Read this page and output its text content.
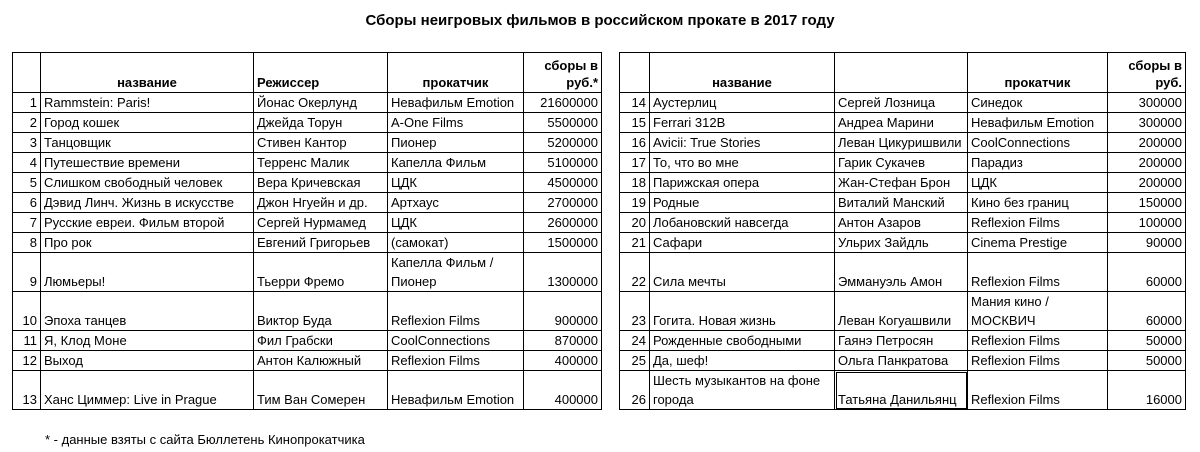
Сборы неигровых фильмов в российском прокате в 2017 году
	название	Режиссер	прокатчик	сборы в руб.*
1	Rammstein: Paris!	Йонас Окерлунд	Невафильм Emotion	21600000
2	Город кошек	Джейда Торун	A-One Films	5500000
3	Танцовщик	Стивен Кантор	Пионер	5200000
4	Путешествие времени	Терренс Малик	Капелла Фильм	5100000
5	Слишком свободный человек	Вера Кричевская	ЦДК	4500000
6	Дэвид Линч. Жизнь в искусстве	Джон Нгуейн и др.	Артхаус	2700000
7	Русские евреи. Фильм второй	Сергей Нурмамед	ЦДК	2600000
8	Про рок	Евгений Григорьев	(самокат)	1500000
9	Люмьеры!	Тьерри Фремо	Капелла Фильм / Пионер	1300000
10	Эпоха танцев	Виктор Буда	Reflexion Films	900000
11	Я, Клод Моне	Фил Грабски	CoolConnections	870000
12	Выход	Антон Калюжный	Reflexion Films	400000
13	Ханс Циммер: Live in Prague	Тим Ван Сомерен	Невафильм Emotion	400000
	название		прокатчик	сборы в руб.
14	Аустерлиц	Сергей Лозница	Синедок	300000
15	Ferrari 312B	Андреа Марини	Невафильм Emotion	300000
16	Avicii: True Stories	Леван Цикуришвили	CoolConnections	200000
17	То, что во мне	Гарик Сукачев	Парадиз	200000
18	Парижская опера	Жан-Стефан Брон	ЦДК	200000
19	Родные	Виталий Манский	Кино без границ	150000
20	Лобановский навсегда	Антон Азаров	Reflexion Films	100000
21	Сафари	Ульрих Зайдль	Cinema Prestige	90000
22	Сила мечты	Эммануэль Амон	Reflexion Films	60000
23	Гогита. Новая жизнь	Леван Когуашвили	Мания кино / МОСКВИЧ	60000
24	Рожденные свободными	Гаянэ Петросян	Reflexion Films	50000
25	Да, шеф!	Ольга Панкратова	Reflexion Films	50000
26	Шесть музыкантов на фоне города	Татьяна Данильянц	Reflexion Films	16000
* - данные взяты с сайта Бюллетень Кинопрокатчика
